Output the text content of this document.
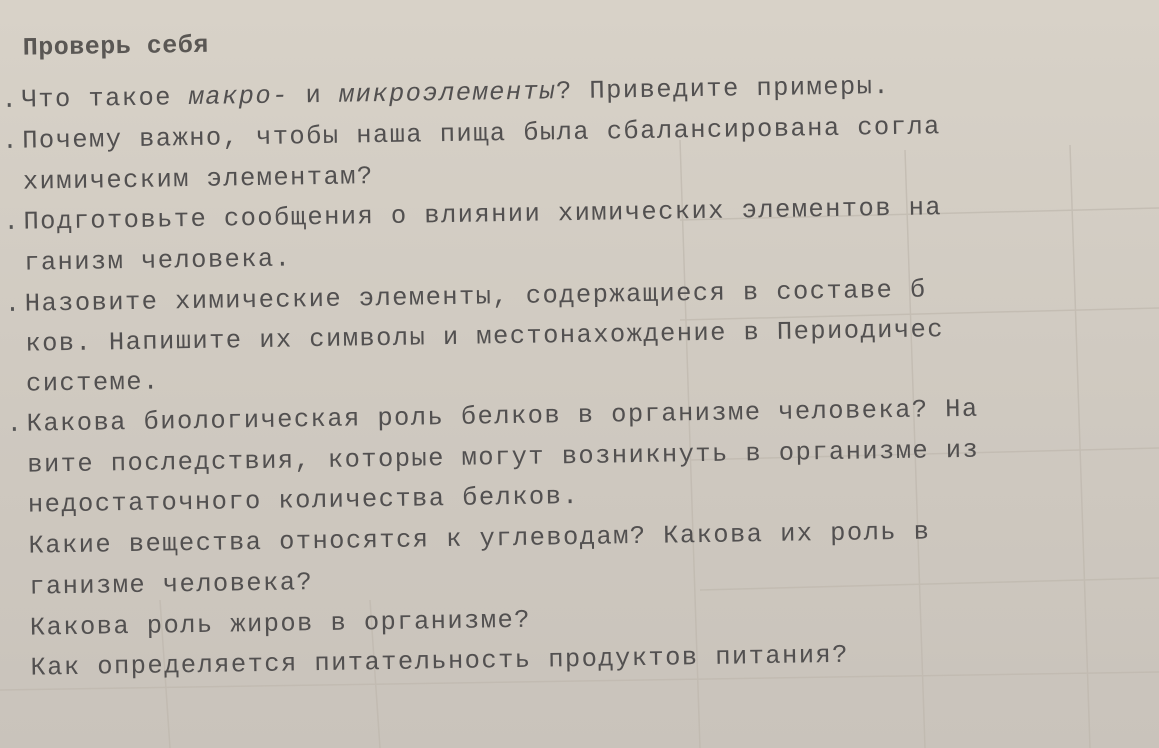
Проверь себя
. Что такое макро- и микроэлементы? Приведите примеры.
. Почему важно, чтобы наша пища была сбалансирована согла
химическим элементам?
. Подготовьте сообщения о влиянии химических элементов на
ганизм человека.
. Назовите химические элементы, содержащиеся в составе б
ков. Напишите их символы и местонахождение в Периодичес
системе.
. Какова биологическая роль белков в организме человека? На
вите последствия, которые могут возникнуть в организме из
недостаточного количества белков.
Какие вещества относятся к углеводам? Какова их роль в
ганизме человека?
Какова роль жиров в организме?
Как определяется питательность продуктов питания?
